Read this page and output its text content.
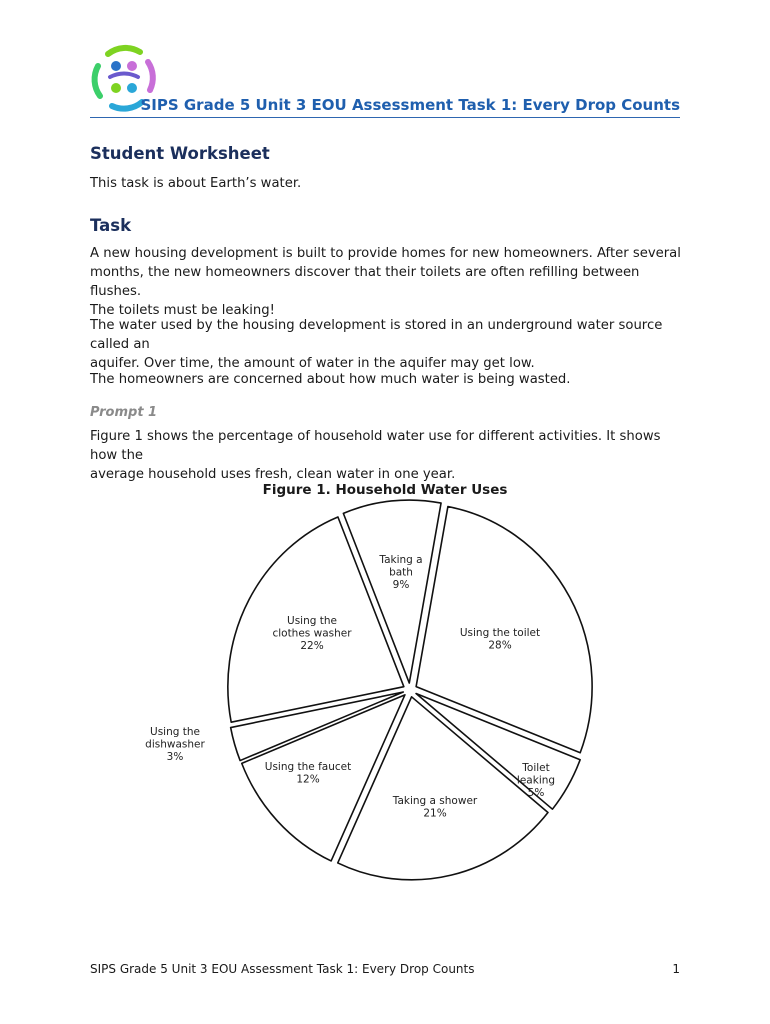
SIPS Grade 5 Unit 3 EOU Assessment Task 1: Every Drop Counts
Student Worksheet
This task is about Earth’s water.
Task
A new housing development is built to provide homes for new homeowners. After several
months, the new homeowners discover that their toilets are often refilling between flushes.
The toilets must be leaking!
The water used by the housing development is stored in an underground water source called an
aquifer. Over time, the amount of water in the aquifer may get low.
The homeowners are concerned about how much water is being wasted.
Prompt 1
Figure 1 shows the percentage of household water use for different activities. It shows how the
average household uses fresh, clean water in one year.
Figure 1. Household Water Uses
Taking a bath 9%
Using the toilet 28%
Toilet leaking 5%
Taking a shower 21%
Using the faucet 12%
Using the dishwasher 3%
Using the clothes washer 22%
SIPS Grade 5 Unit 3 EOU Assessment Task 1: Every Drop Counts	1
